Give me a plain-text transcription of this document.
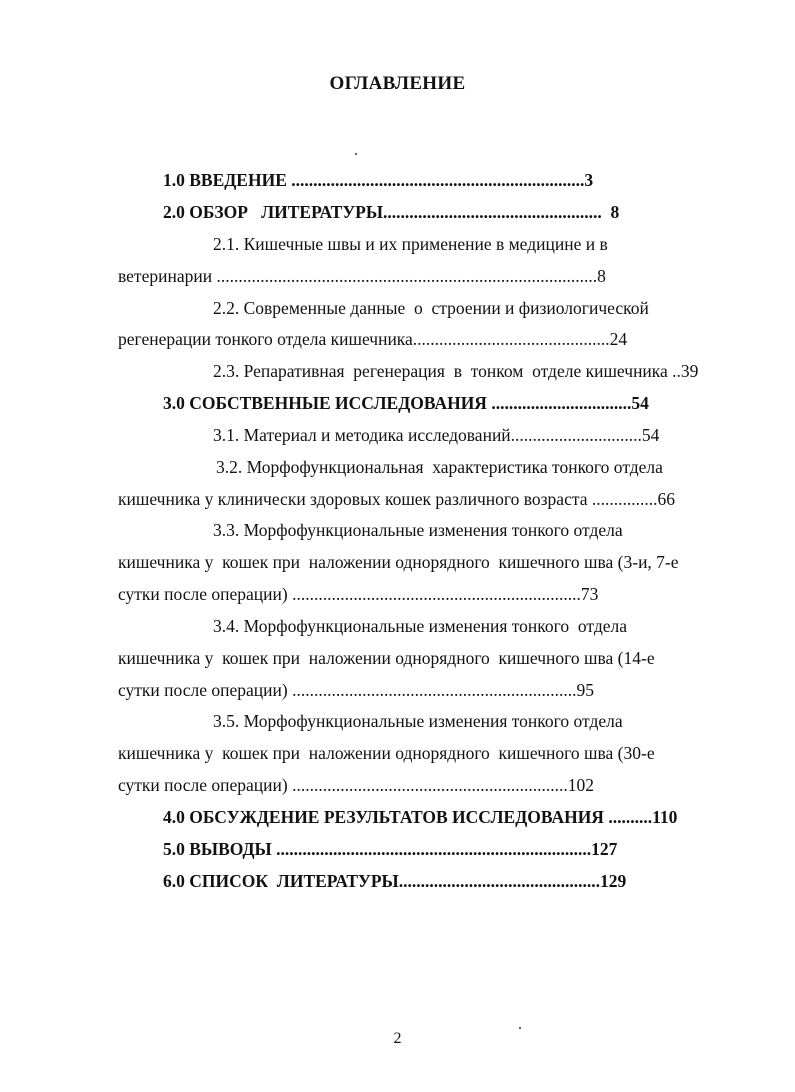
ОГЛАВЛЕНИЕ
1.0 ВВЕДЕНИЕ ...................................................................3
2.0 ОБЗОР   ЛИТЕРАТУРЫ..................................................  8
2.1. Кишечные швы и их применение в медицине и в
ветеринарии .......................................................................................8
2.2. Современные данные  о  строении и физиологической
регенерации тонкого отдела кишечника.............................................24
2.3. Репаративная  регенерация  в  тонком  отделе кишечника ..39
3.0 СОБСТВЕННЫЕ ИССЛЕДОВАНИЯ ................................54
3.1. Материал и методика исследований..............................54
3.2. Морфофункциональная  характеристика тонкого отдела
кишечника у клинически здоровых кошек различного возраста ...............66
3.3. Морфофункциональные изменения тонкого отдела
кишечника у  кошек при  наложении однорядного  кишечного шва (3-и, 7-е
сутки после операции) ..................................................................73
3.4. Морфофункциональные изменения тонкого  отдела
кишечника у  кошек при  наложении однорядного  кишечного шва (14-е
сутки после операции) .................................................................95
3.5. Морфофункциональные изменения тонкого отдела
кишечника у  кошек при  наложении однорядного  кишечного шва (30-е
сутки после операции) ...............................................................102
4.0 ОБСУЖДЕНИЕ РЕЗУЛЬТАТОВ ИССЛЕДОВАНИЯ ..........110
5.0 ВЫВОДЫ ........................................................................127
6.0 СПИСОК  ЛИТЕРАТУРЫ..............................................129
2
